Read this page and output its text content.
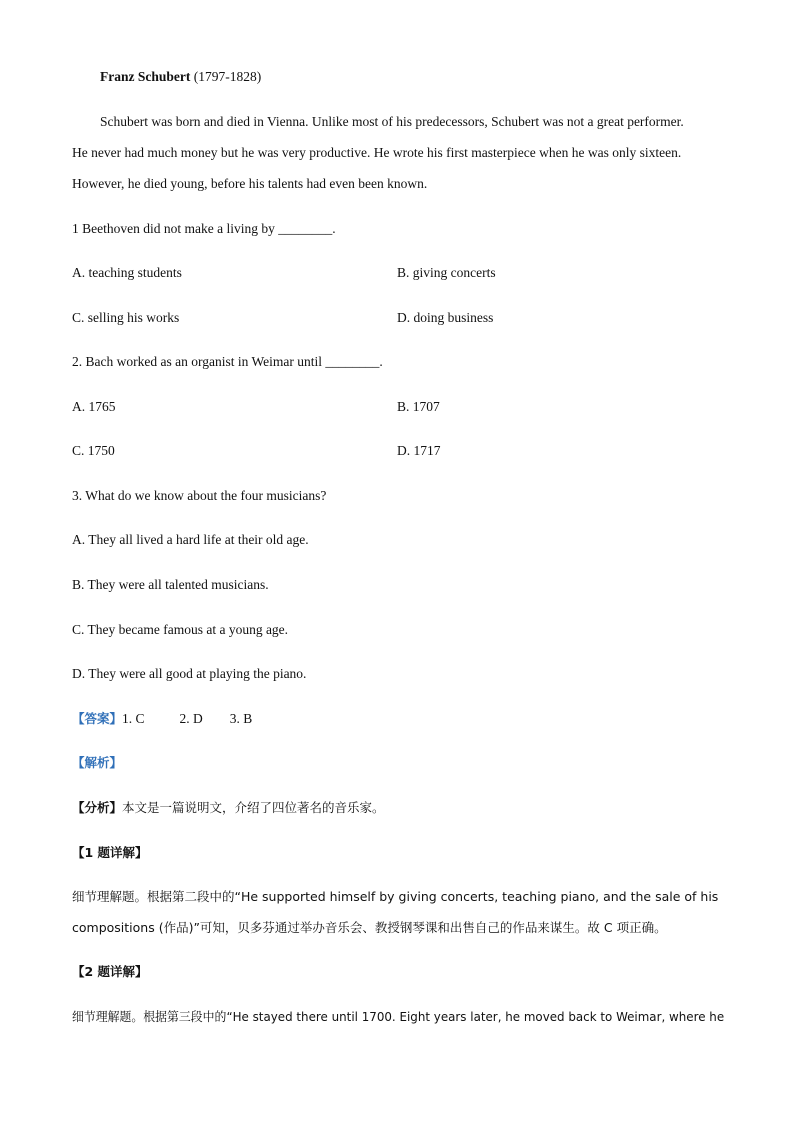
Franz Schubert (1797-1828)
Schubert was born and died in Vienna. Unlike most of his predecessors, Schubert was not a great performer.
He never had much money but he was very productive. He wrote his first masterpiece when he was only sixteen.
However, he died young, before his talents had even been known.
1 Beethoven did not make a living by ________.
A. teaching students	B. giving concerts
C. selling his works	D. doing business
2. Bach worked as an organist in Weimar until ________.
A. 1765	B. 1707
C. 1750	D. 1717
3. What do we know about the four musicians?
A. They all lived a hard life at their old age.
B. They were all talented musicians.
C. They became famous at a young age.
D. They were all good at playing the piano.
【答案】1. C	2. D 3. B
【解析】
【分析】本文是一篇说明文，介绍了四位著名的音乐家。
【1 题详解】
细节理解题。根据第二段中的“He supported himself by giving concerts, teaching piano, and the sale of his
compositions (作品)”可知，贝多芬通过举办音乐会、教授钢琴课和出售自己的作品来谋生。故 C 项正确。
【2 题详解】
细节理解题。根据第三段中的“He stayed there until 1700. Eight years later, he moved back to Weimar, where he
